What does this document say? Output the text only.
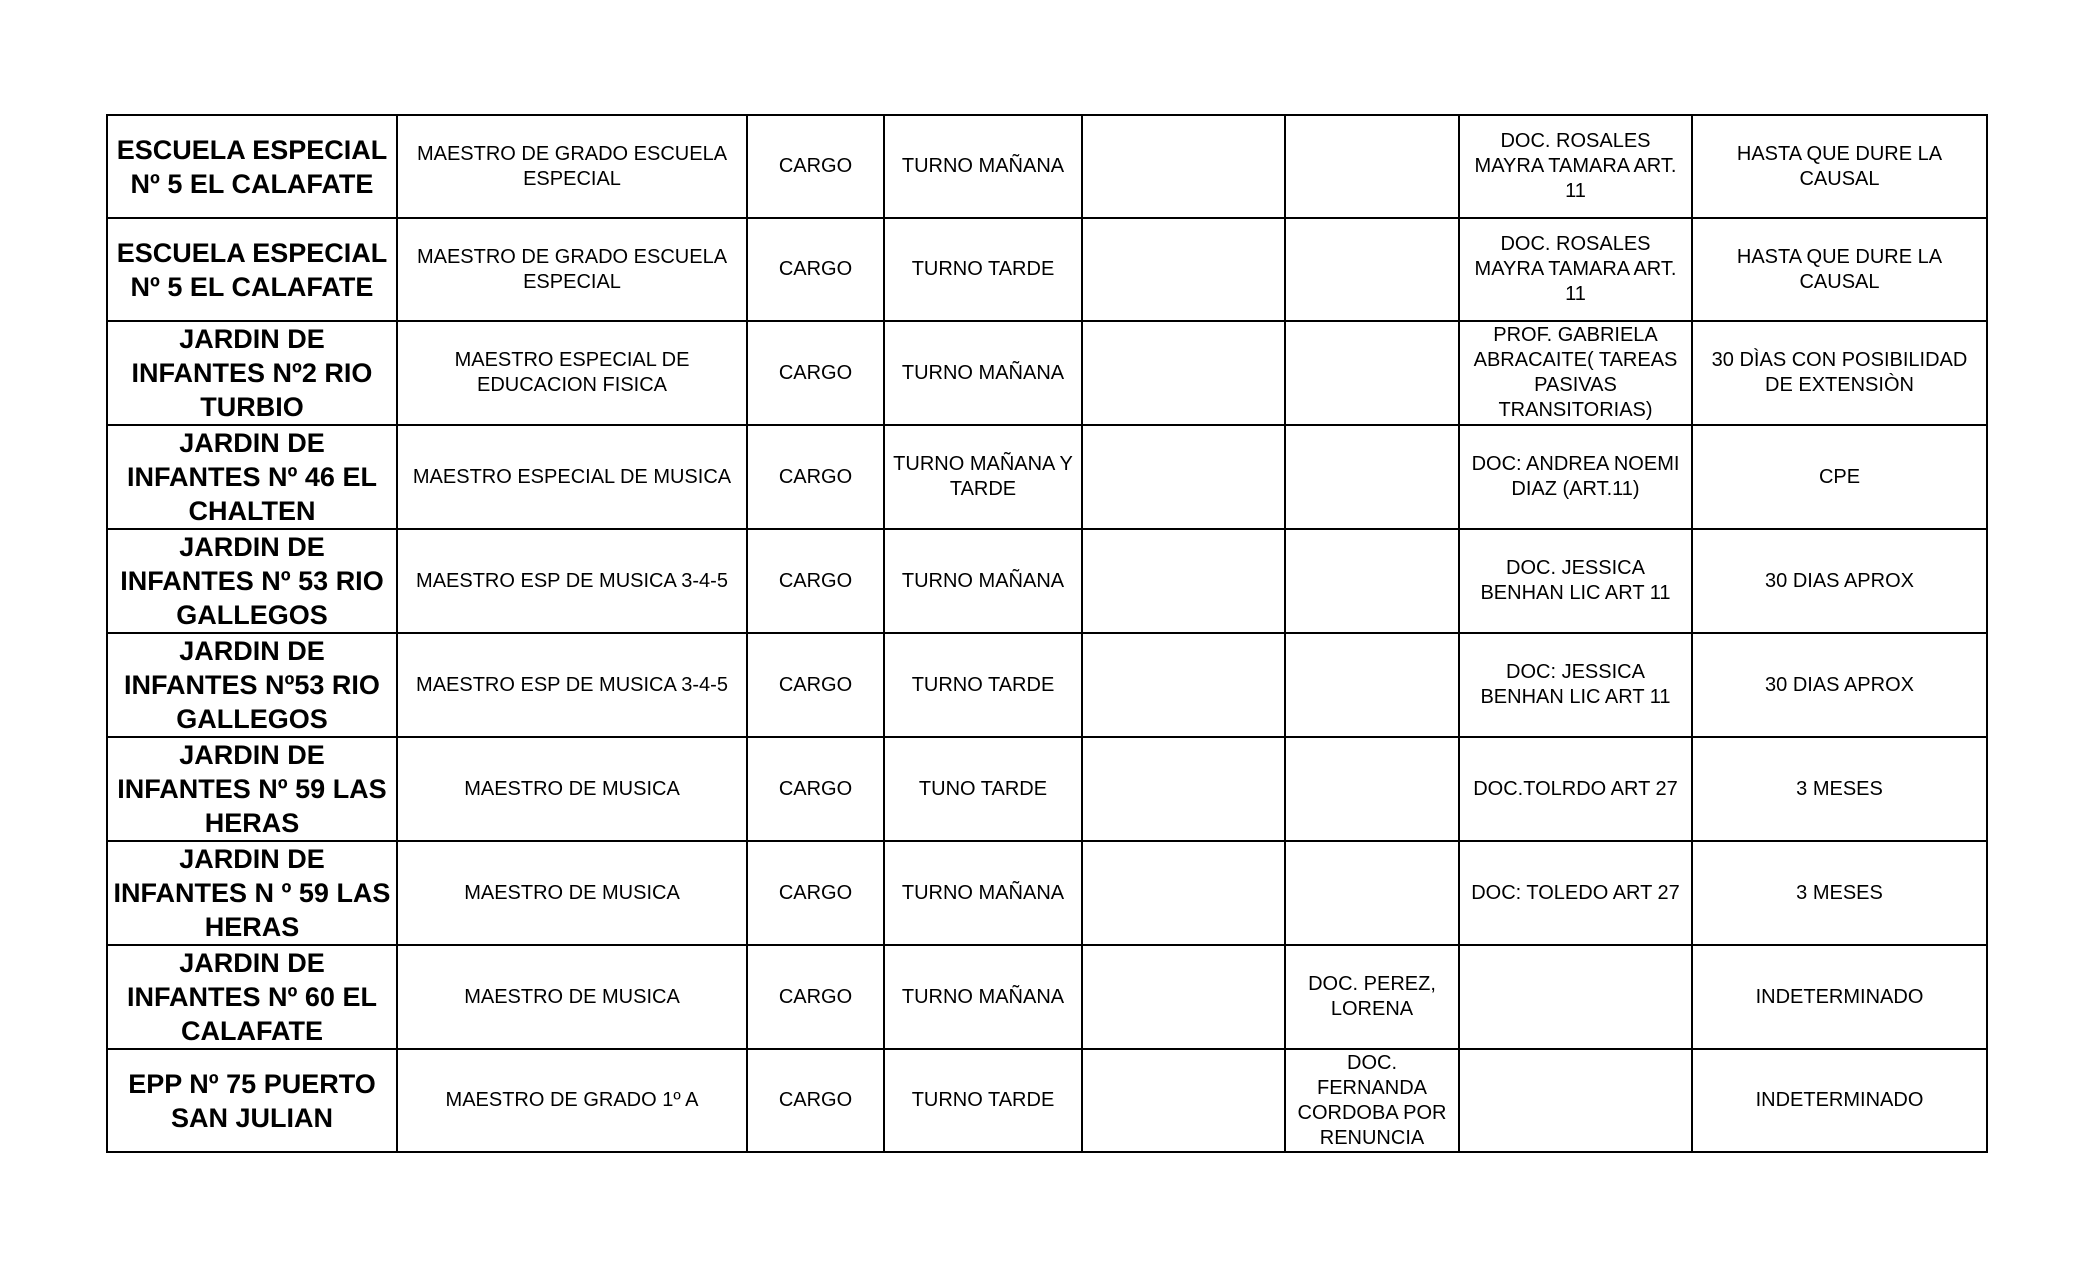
ESCUELA ESPECIAL Nº 5 EL CALAFATE	MAESTRO DE GRADO ESCUELA ESPECIAL	CARGO	TURNO MAÑANA			DOC. ROSALES MAYRA TAMARA ART. 11	HASTA QUE DURE LA CAUSAL
ESCUELA ESPECIAL Nº 5 EL CALAFATE	MAESTRO DE GRADO ESCUELA ESPECIAL	CARGO	TURNO TARDE			DOC. ROSALES MAYRA TAMARA ART. 11	HASTA QUE DURE LA CAUSAL
JARDIN DE INFANTES Nº2 RIO TURBIO	MAESTRO ESPECIAL DE EDUCACION FISICA	CARGO	TURNO MAÑANA			PROF. GABRIELA ABRACAITE( TAREAS PASIVAS TRANSITORIAS)	30 DÌAS CON POSIBILIDAD DE EXTENSIÒN
JARDIN DE INFANTES Nº 46 EL CHALTEN	MAESTRO ESPECIAL DE MUSICA	CARGO	TURNO MAÑANA Y TARDE			DOC: ANDREA NOEMI DIAZ (ART.11)	CPE
JARDIN DE INFANTES Nº 53 RIO GALLEGOS	MAESTRO ESP DE MUSICA 3-4-5	CARGO	TURNO MAÑANA			DOC. JESSICA BENHAN LIC ART 11	30 DIAS APROX
JARDIN DE INFANTES Nº53 RIO GALLEGOS	MAESTRO ESP DE MUSICA 3-4-5	CARGO	TURNO TARDE			DOC: JESSICA BENHAN LIC ART 11	30 DIAS APROX
JARDIN DE INFANTES Nº 59 LAS HERAS	MAESTRO DE MUSICA	CARGO	TUNO TARDE			DOC.TOLRDO ART 27	3 MESES
JARDIN DE INFANTES N º 59 LAS HERAS	MAESTRO DE MUSICA	CARGO	TURNO MAÑANA			DOC: TOLEDO ART 27	3 MESES
JARDIN DE INFANTES Nº 60 EL CALAFATE	MAESTRO DE MUSICA	CARGO	TURNO MAÑANA		DOC. PEREZ, LORENA		INDETERMINADO
EPP Nº 75 PUERTO SAN JULIAN	MAESTRO DE GRADO 1º A	CARGO	TURNO TARDE		DOC. FERNANDA CORDOBA POR RENUNCIA		INDETERMINADO
